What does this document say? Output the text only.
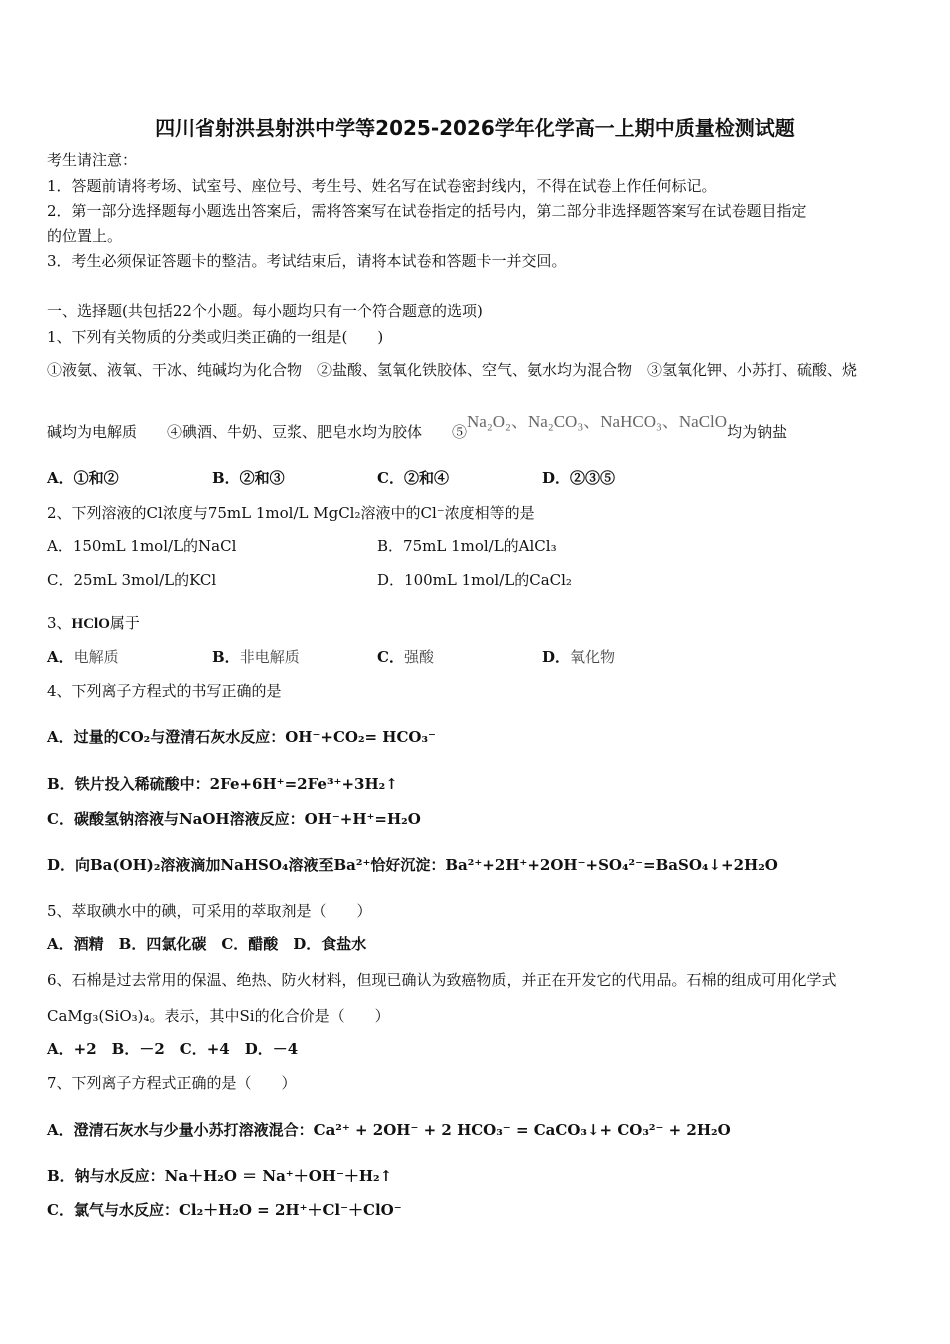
四川省射洪县射洪中学等2025-2026学年化学高一上期中质量检测试题
考生请注意：
1．答题前请将考场、试室号、座位号、考生号、姓名写在试卷密封线内，不得在试卷上作任何标记。
2．第一部分选择题每小题选出答案后，需将答案写在试卷指定的括号内，第二部分非选择题答案写在试卷题目指定
的位置上。
3．考生必须保证答题卡的整洁。考试结束后，请将本试卷和答题卡一并交回。
一、选择题(共包括22个小题。每小题均只有一个符合题意的选项)
1、下列有关物质的分类或归类正确的一组是(　　)
①液氨、液氧、干冰、纯碱均为化合物　②盐酸、氢氧化铁胶体、空气、氨水均为混合物　③氢氧化钾、小苏打、硫酸、烧
碱均为电解质　　④碘酒、牛奶、豆浆、肥皂水均为胶体　　⑤Na₂O₂、Na₂CO₃、NaHCO₃、NaClO均为钠盐
A．①和②	B．②和③	C．②和④	D．②③⑤
2、下列溶液的Cl浓度与75mL 1mol/L MgCl₂溶液中的Cl⁻浓度相等的是
A．150mL 1mol/L的NaCl	B．75mL 1mol/L的AlCl₃
C．25mL 3mol/L的KCl	D．100mL 1mol/L的CaCl₂
3、HClO属于
A．电解质	B．非电解质	C．强酸	D．氧化物
4、下列离子方程式的书写正确的是
A．过量的CO₂与澄清石灰水反应：OH⁻+CO₂= HCO₃⁻
B．铁片投入稀硫酸中：2Fe+6H⁺=2Fe³⁺+3H₂↑
C．碳酸氢钠溶液与NaOH溶液反应：OH⁻+H⁺=H₂O
D．向Ba(OH)₂溶液滴加NaHSO₄溶液至Ba²⁺恰好沉淀：Ba²⁺+2H⁺+2OH⁻+SO₄²⁻=BaSO₄↓+2H₂O
5、萃取碘水中的碘，可采用的萃取剂是（　　）
A．酒精　B．四氯化碳　C．醋酸　D．食盐水
6、石棉是过去常用的保温、绝热、防火材料，但现已确认为致癌物质，并正在开发它的代用品。石棉的组成可用化学式
CaMg₃(SiO₃)₄。表示，其中Si的化合价是（　　）
A．+2　B．－2　C．+4　D．－4
7、下列离子方程式正确的是（　　）
A．澄清石灰水与少量小苏打溶液混合：Ca²⁺ + 2OH⁻ + 2 HCO₃⁻ = CaCO₃↓+ CO₃²⁻ + 2H₂O
B．钠与水反应：Na＋H₂O ＝ Na⁺＋OH⁻＋H₂↑
C．氯气与水反应：Cl₂＋H₂O = 2H⁺＋Cl⁻＋ClO⁻
